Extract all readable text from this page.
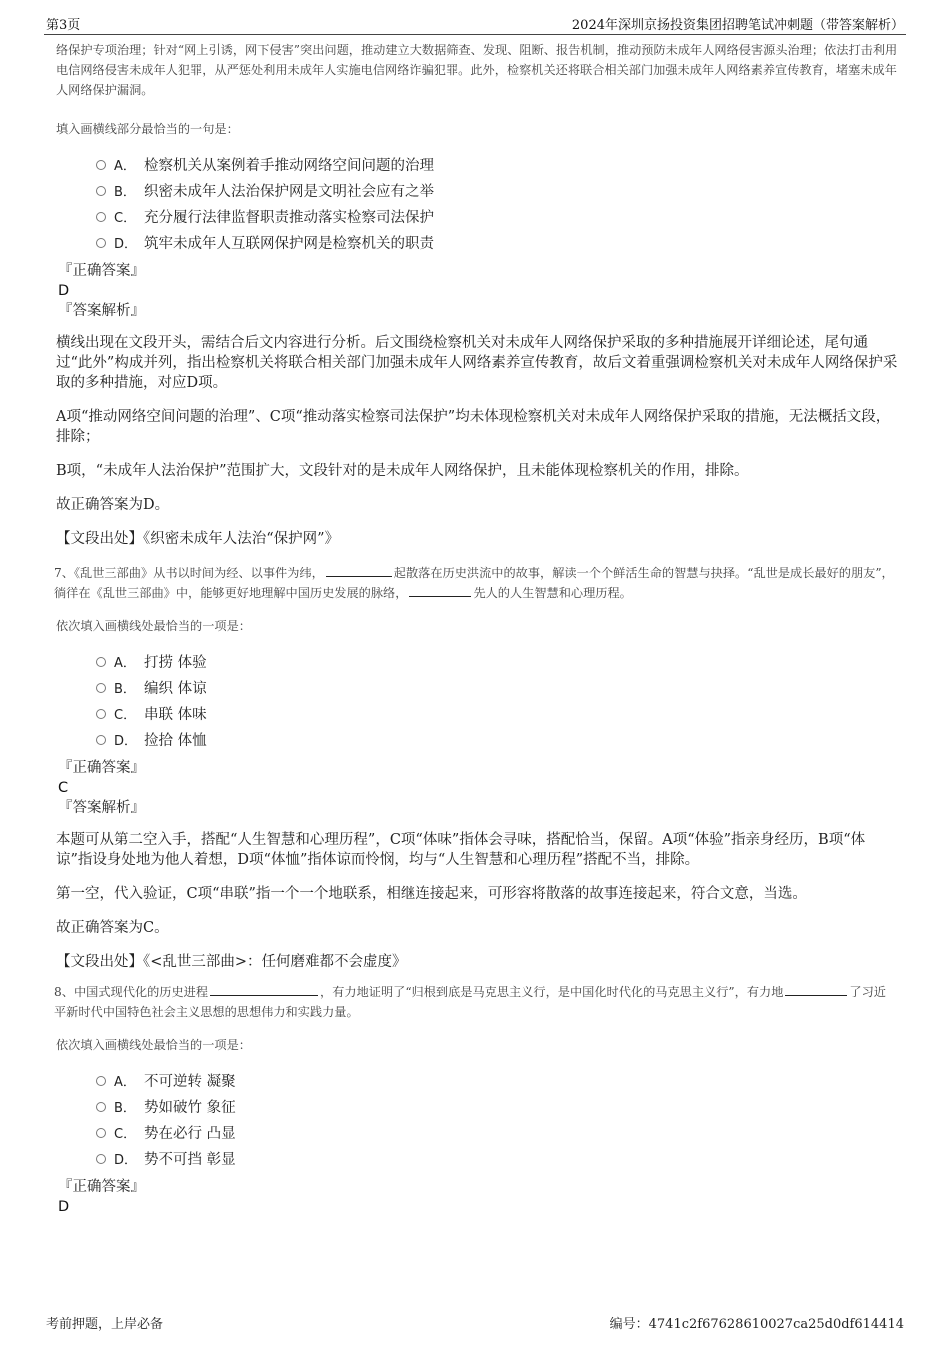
第3页	2024年深圳京扬投资集团招聘笔试冲刺题（带答案解析）

络保护专项治理；针对“网上引诱，网下侵害”突出问题，推动建立大数据筛查、发现、阻断、报告机制，推动预防未成年人网络侵害源头治理；依法打击利用电信网络侵害未成年人犯罪，从严惩处利用未成年人实施电信网络诈骗犯罪。此外，检察机关还将联合相关部门加强未成年人网络素养宣传教育，堵塞未成年人网络保护漏洞。

填入画横线部分最恰当的一句是：

A． 检察机关从案例着手推动网络空间问题的治理
B． 织密未成年人法治保护网是文明社会应有之举
C． 充分履行法律监督职责推动落实检察司法保护
D． 筑牢未成年人互联网保护网是检察机关的职责

『正确答案』

D

『答案解析』

横线出现在文段开头，需结合后文内容进行分析。后文围绕检察机关对未成年人网络保护采取的多种措施展开详细论述，尾句通过“此外”构成并列，指出检察机关将联合相关部门加强未成年人网络素养宣传教育，故后文着重强调检察机关对未成年人网络保护采取的多种措施，对应D项。

A项“推动网络空间问题的治理”、C项“推动落实检察司法保护”均未体现检察机关对未成年人网络保护采取的措施，无法概括文段，排除；

B项，“未成年人法治保护”范围扩大，文段针对的是未成年人网络保护，且未能体现检察机关的作用，排除。

故正确答案为D。

【文段出处】《织密未成年人法治“保护网”》

7、《乱世三部曲》从书以时间为经、以事件为纬，	起散落在历史洪流中的故事，解读一个个鲜活生命的智慧与抉择。“乱世是成长最好的朋友”，徜徉在《乱世三部曲》中，能够更好地理解中国历史发展的脉络，	先人的人生智慧和心理历程。

依次填入画横线处最恰当的一项是：

A． 打捞 体验
B． 编织 体谅
C． 串联 体味
D． 捡拾 体恤

『正确答案』

C

『答案解析』

本题可从第二空入手，搭配“人生智慧和心理历程”，C项“体味”指体会寻味，搭配恰当，保留。A项“体验”指亲身经历，B项“体谅”指设身处地为他人着想，D项“体恤”指体谅而怜悯，均与“人生智慧和心理历程”搭配不当，排除。

第一空，代入验证，C项“串联”指一个一个地联系，相继连接起来，可形容将散落的故事连接起来，符合文意，当选。

故正确答案为C。

【文段出处】《<乱世三部曲>：任何磨难都不会虚度》

8、中国式现代化的历史进程	，有力地证明了“归根到底是马克思主义行，是中国化时代化的马克思主义行”，有力地	了习近平新时代中国特色社会主义思想的思想伟力和实践力量。

依次填入画横线处最恰当的一项是：

A． 不可逆转 凝聚
B． 势如破竹 象征
C． 势在必行 凸显
D． 势不可挡 彰显

『正确答案』

D

考前押题，上岸必备	编号：4741c2f67628610027ca25d0df614414
